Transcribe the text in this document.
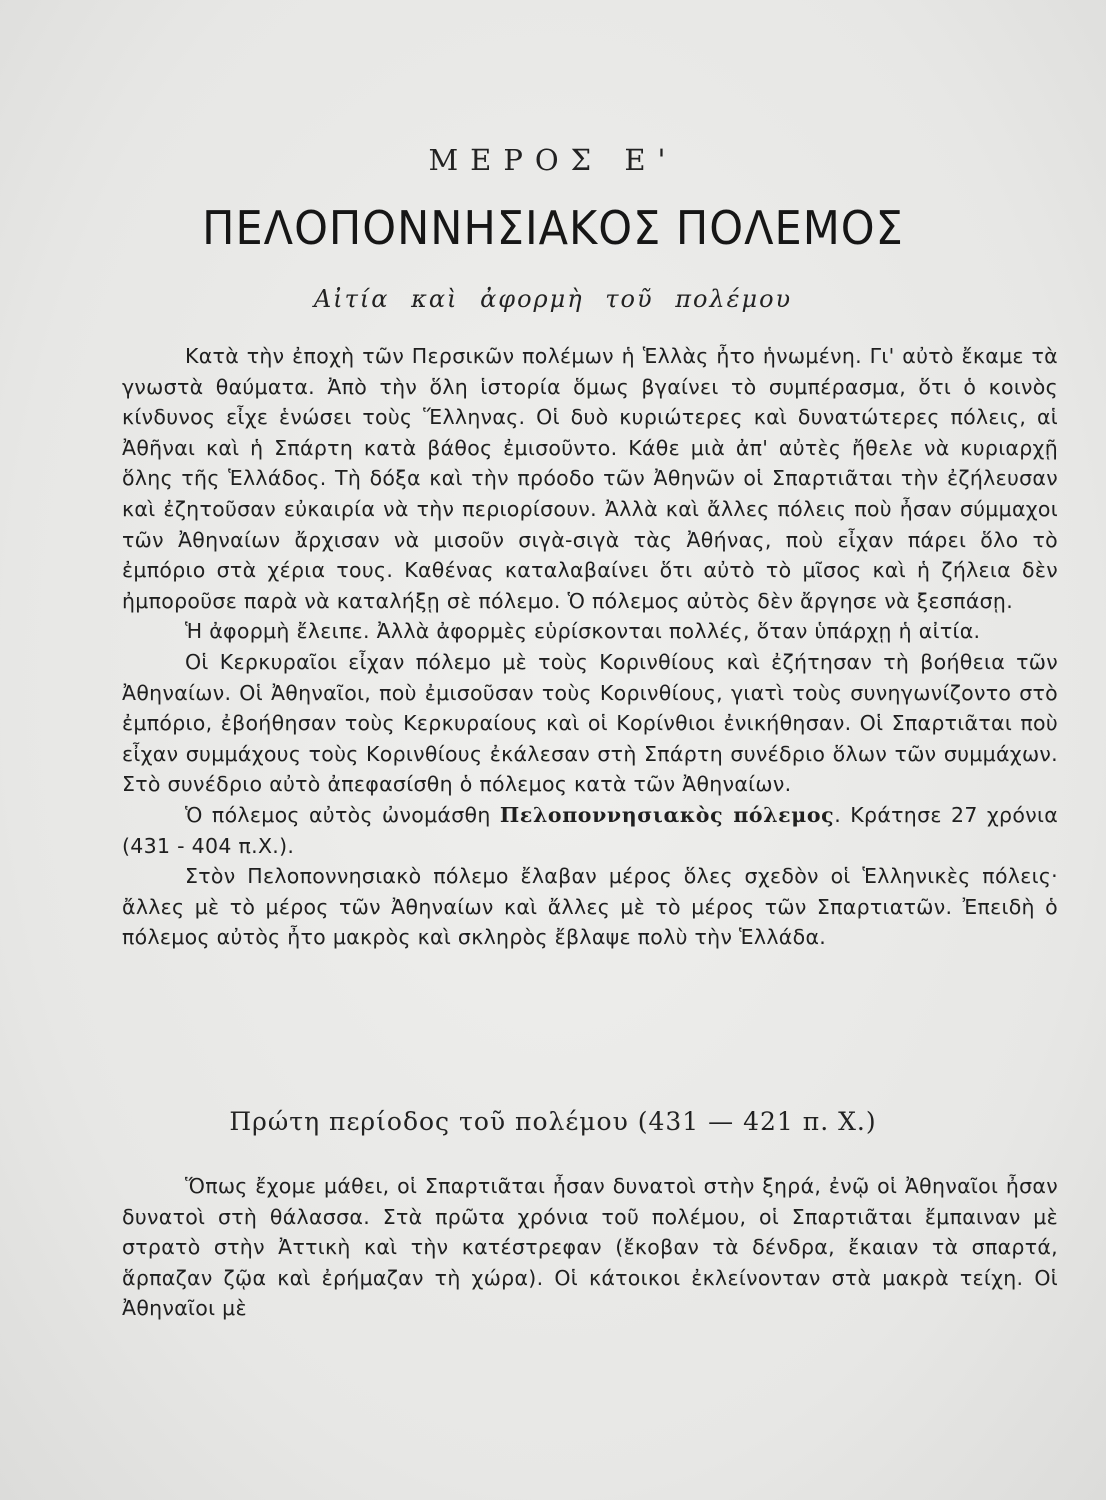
ΜΕΡΟΣ Ε'
ΠΕΛΟΠΟΝΝΗΣΙΑΚΟΣ ΠΟΛΕΜΟΣ
Αἰτία καὶ ἀφορμὴ τοῦ πολέμου

Κατὰ τὴν ἐποχὴ τῶν Περσικῶν πολέμων ἡ Ἑλλὰς ἦτο ἡνωμένη. Γι' αὐτὸ ἔκαμε τὰ γνωστὰ θαύματα. Ἀπὸ τὴν ὅλη ἱστορία ὅμως βγαίνει τὸ συμπέρασμα, ὅτι ὁ κοινὸς κίνδυνος εἶχε ἑνώσει τοὺς Ἕλληνας. Οἱ δυὸ κυριώτερες καὶ δυνατώτερες πόλεις, αἱ Ἀθῆναι καὶ ἡ Σπάρτη κατὰ βάθος ἐμισοῦντο. Κάθε μιὰ ἀπ' αὐτὲς ἤθελε νὰ κυριαρχῇ ὅλης τῆς Ἑλλάδος. Τὴ δόξα καὶ τὴν πρόοδο τῶν Ἀθηνῶν οἱ Σπαρτιᾶται τὴν ἐζήλευσαν καὶ ἐζητοῦσαν εὐκαιρία νὰ τὴν περιορίσουν. Ἀλλὰ καὶ ἄλλες πόλεις ποὺ ἦσαν σύμμαχοι τῶν Ἀθηναίων ἄρχισαν νὰ μισοῦν σιγὰ-σιγὰ τὰς Ἀθήνας, ποὺ εἶχαν πάρει ὅλο τὸ ἐμπόριο στὰ χέρια τους. Καθένας καταλαβαίνει ὅτι αὐτὸ τὸ μῖσος καὶ ἡ ζήλεια δὲν ἠμποροῦσε παρὰ νὰ καταλήξῃ σὲ πόλεμο. Ὁ πόλεμος αὐτὸς δὲν ἄργησε νὰ ξεσπάσῃ.

Ἡ ἀφορμὴ ἔλειπε. Ἀλλὰ ἀφορμὲς εὑρίσκονται πολλές, ὅταν ὑπάρχῃ ἡ αἰτία.

Οἱ Κερκυραῖοι εἶχαν πόλεμο μὲ τοὺς Κορινθίους καὶ ἐζήτησαν τὴ βοήθεια τῶν Ἀθηναίων. Οἱ Ἀθηναῖοι, ποὺ ἐμισοῦσαν τοὺς Κορινθίους, γιατὶ τοὺς συνηγωνίζοντο στὸ ἐμπόριο, ἐβοήθησαν τοὺς Κερκυραίους καὶ οἱ Κορίνθιοι ἐνικήθησαν. Οἱ Σπαρτιᾶται ποὺ εἶχαν συμμάχους τοὺς Κορινθίους ἐκάλεσαν στὴ Σπάρτη συνέδριο ὅλων τῶν συμμάχων. Στὸ συνέδριο αὐτὸ ἀπεφασίσθη ὁ πόλεμος κατὰ τῶν Ἀθηναίων.

Ὁ πόλεμος αὐτὸς ὠνομάσθη Πελοποννησιακὸς πόλεμος. Κράτησε 27 χρόνια (431 - 404 π.Χ.).

Στὸν Πελοποννησιακὸ πόλεμο ἔλαβαν μέρος ὅλες σχεδὸν οἱ Ἑλληνικὲς πόλεις· ἄλλες μὲ τὸ μέρος τῶν Ἀθηναίων καὶ ἄλλες μὲ τὸ μέρος τῶν Σπαρτιατῶν. Ἐπειδὴ ὁ πόλεμος αὐτὸς ἦτο μακρὸς καὶ σκληρὸς ἔβλαψε πολὺ τὴν Ἑλλάδα.

Πρώτη περίοδος τοῦ πολέμου (431 — 421 π. Χ.)

Ὅπως ἔχομε μάθει, οἱ Σπαρτιᾶται ἦσαν δυνατοὶ στὴν ξηρά, ἐνῷ οἱ Ἀθηναῖοι ἦσαν δυνατοὶ στὴ θάλασσα. Στὰ πρῶτα χρόνια τοῦ πολέμου, οἱ Σπαρτιᾶται ἔμπαιναν μὲ στρατὸ στὴν Ἀττικὴ καὶ τὴν κατέστρεφαν (ἔκοβαν τὰ δένδρα, ἔκαιαν τὰ σπαρτά, ἅρπαζαν ζῷα καὶ ἐρήμαζαν τὴ χώρα). Οἱ κάτοικοι ἐκλείνονταν στὰ μακρὰ τείχη. Οἱ Ἀθηναῖοι μὲ
